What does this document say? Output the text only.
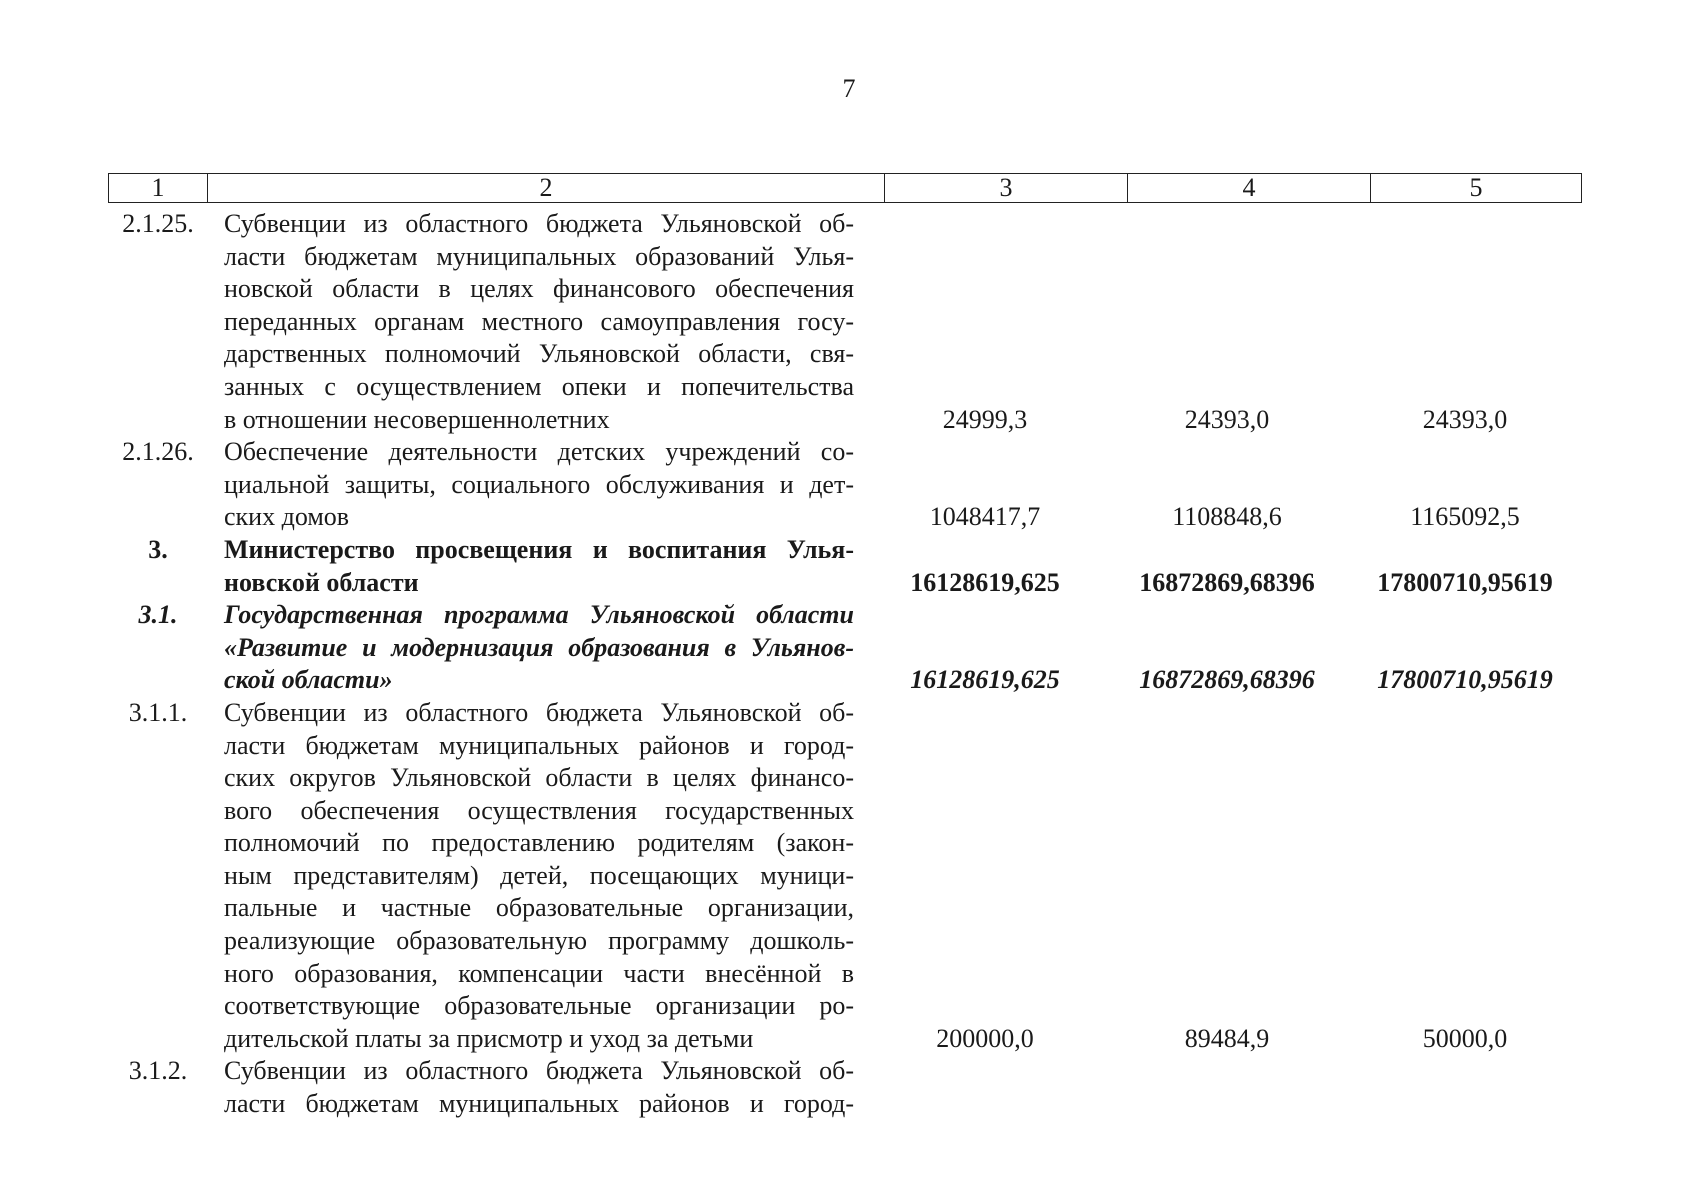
7
1	2	3	4	5
2.1.25.	Субвенции из областного бюджета Ульяновской об-
ласти бюджетам муниципальных образований Улья-
новской области в целях финансового обеспечения
переданных органам местного самоуправления госу-
дарственных полномочий Ульяновской области, свя-
занных с осуществлением опеки и попечительства
в отношении несовершеннолетних	24999,3	24393,0	24393,0
2.1.26.	Обеспечение деятельности детских учреждений со-
циальной защиты, социального обслуживания и дет-
ских домов	1048417,7	1108848,6	1165092,5
3.	Министерство просвещения и воспитания Улья-
новской области	16128619,625	16872869,68396	17800710,95619
3.1.	Государственная программа Ульяновской области
«Развитие и модернизация образования в Ульянов-
ской области»	16128619,625	16872869,68396	17800710,95619
3.1.1.	Субвенции из областного бюджета Ульяновской об-
ласти бюджетам муниципальных районов и город-
ских округов Ульяновской области в целях финансо-
вого обеспечения осуществления государственных
полномочий по предоставлению родителям (закон-
ным представителям) детей, посещающих муници-
пальные и частные образовательные организации,
реализующие образовательную программу дошколь-
ного образования, компенсации части внесённой в
соответствующие образовательные организации ро-
дительской платы за присмотр и уход за детьми	200000,0	89484,9	50000,0
3.1.2.	Субвенции из областного бюджета Ульяновской об-
ласти бюджетам муниципальных районов и город-
